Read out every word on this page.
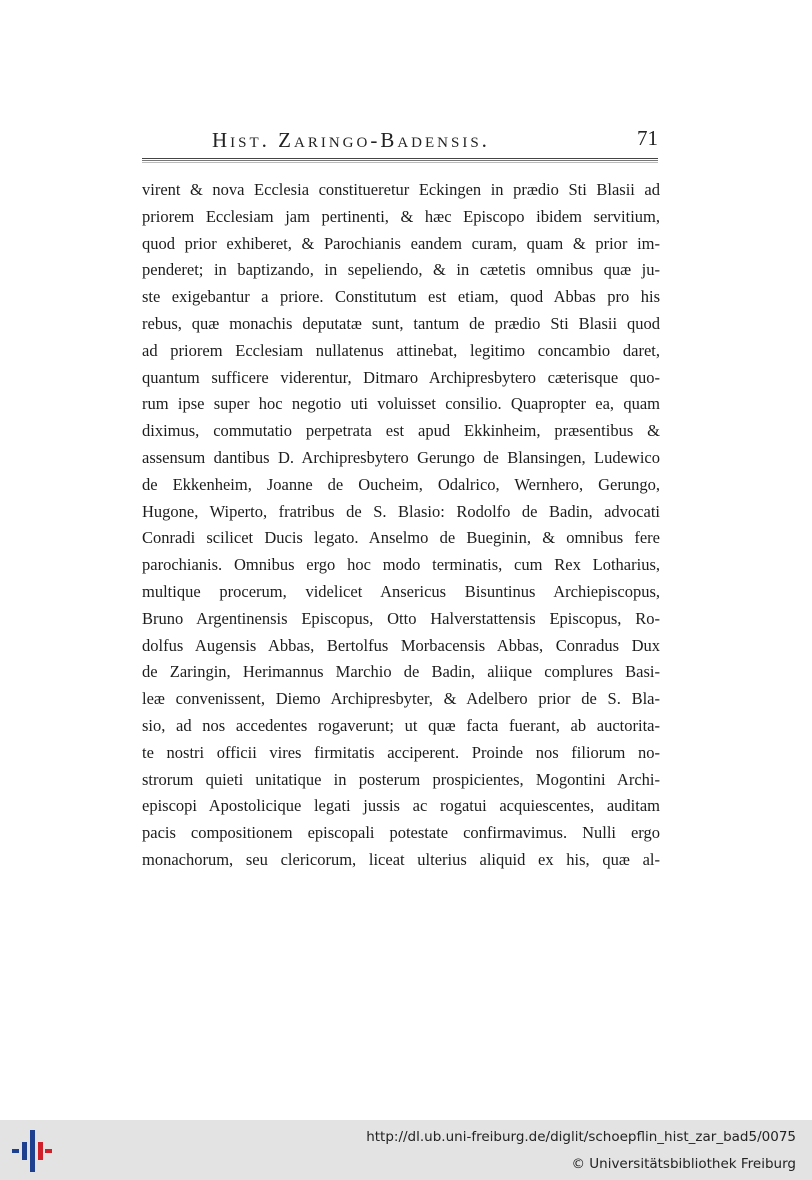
Hist. Zaringo-Badensis.	71
virent & nova Ecclesia constitueretur Eckingen in prædio Sti Blasii ad
priorem Ecclesiam jam pertinenti, & hæc Episcopo ibidem servitium,
quod prior exhiberet, & Parochianis eandem curam, quam & prior im-
penderet; in baptizando, in sepeliendo, & in cætetis omnibus quæ ju-
ste exigebantur a priore. Constitutum est etiam, quod Abbas pro his
rebus, quæ monachis deputatæ sunt, tantum de prædio Sti Blasii quod
ad priorem Ecclesiam nullatenus attinebat, legitimo concambio daret,
quantum sufficere viderentur, Ditmaro Archipresbytero cæterisque quo-
rum ipse super hoc negotio uti voluisset consilio. Quapropter ea, quam
diximus, commutatio perpetrata est apud Ekkinheim, præsentibus &
assensum dantibus D. Archipresbytero Gerungo de Blansingen, Ludewico
de Ekkenheim, Joanne de Oucheim, Odalrico, Wernhero, Gerungo,
Hugone, Wiperto, fratribus de S. Blasio: Rodolfo de Badin, advocati
Conradi scilicet Ducis legato. Anselmo de Bueginin, & omnibus fere
parochianis. Omnibus ergo hoc modo terminatis, cum Rex Lotharius,
multique procerum, videlicet Ansericus Bisuntinus Archiepiscopus,
Bruno Argentinensis Episcopus, Otto Halverstattensis Episcopus, Ro-
dolfus Augensis Abbas, Bertolfus Morbacensis Abbas, Conradus Dux
de Zaringin, Herimannus Marchio de Badin, aliique complures Basi-
leæ convenissent, Diemo Archipresbyter, & Adelbero prior de S. Bla-
sio, ad nos accedentes rogaverunt; ut quæ facta fuerant, ab auctorita-
te nostri officii vires firmitatis acciperent. Proinde nos filiorum no-
strorum quieti unitatique in posterum prospicientes, Mogontini Archi-
episcopi Apostolicique legati jussis ac rogatui acquiescentes, auditam
pacis compositionem episcopali potestate confirmavimus. Nulli ergo
monachorum, seu clericorum, liceat ulterius aliquid ex his, quæ al-
http://dl.ub.uni-freiburg.de/diglit/schoepflin_hist_zar_bad5/0075
© Universitätsbibliothek Freiburg
